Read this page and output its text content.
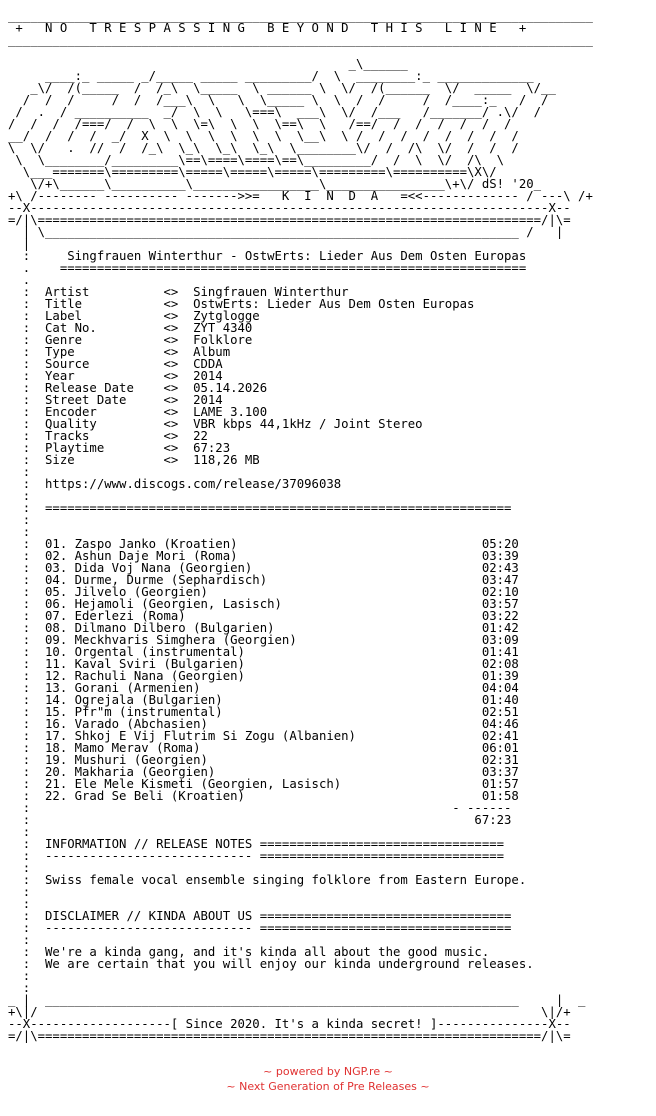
_______________________________________________________________________________
+   N O   T R E S P A S S I N G   B E Y O N D   T H I S   L I N E   +
_______________________________________________________________________________

_\______
____:_ _____ _/_____ _____ _________/  \  ________:_ _____________
_\/  /(_____  /  /_\  \_____  \ ______ \  \/  /(______  \/  _____  \/__
/  /  /     /  /  /___\  \   \  \_____ \  \  /  /     /  /____:_   /  /
/  .  / __________  _/  \  \   \===\  ___\  \/  /___   /_______/ .\/  /
/  /  /  /===/  /  \  \  \=\  \  \  \==\  \   /==/  /  /  /  /  /  /
__/  /  /  /  _/  X  \  \  \  \  \  \  \__\  \ /  /  /  /  /  /  /  /
\  \/   .  //  /  /_\  \_\  \_\  \_\  \________\/  /  /\  \/  /  /  /
\  \________/_________\==\====\====\==\_________/  /  \  \/  /\  \
\___=======\=========\=====\=====\=====\=========\==========\X\/
\/+\______\__________\_________________\________________\+\/ dS! '20_
+\ /-------- ---------- ------->>=   K  I  N  D  A   =<<------------- / ---\ /+
--X----------------------------------------------------------------------X--
=/|\====================================================================/|\=
| \________________________________________________________________ /   |
|
:     Singfrauen Winterthur - OstwErts: Lieder Aus Dem Osten Europas
.    ===============================================================
.
:  Artist          <>  Singfrauen Winterthur
:  Title           <>  OstwErts: Lieder Aus Dem Osten Europas
:  Label           <>  Zytglogge
:  Cat No.         <>  ZYT 4340
:  Genre           <>  Folklore
:  Type            <>  Album
:  Source          <>  CDDA
:  Year            <>  2014
:  Release Date    <>  05.14.2026
:  Street Date     <>  2014
:  Encoder         <>  LAME 3.100
:  Quality         <>  VBR kbps 44,1kHz / Joint Stereo
:  Tracks          <>  22
:  Playtime        <>  67:23
:  Size            <>  118,26 MB
:
:  https://www.discogs.com/release/37096038
:
:  ===============================================================
:
:
:  01. Zaspo Janko (Kroatien)                                 05:20
:  02. Ashun Daje Mori (Roma)                                 03:39
:  03. Dida Voj Nana (Georgien)                               02:43
:  04. Durme, Durme (Sephardisch)                             03:47
:  05. Jilvelo (Georgien)                                     02:10
:  06. Hejamoli (Georgien, Lasisch)                           03:57
:  07. Ederlezi (Roma)                                        03:22
:  08. Dilmano Dilbero (Bulgarien)                            01:42
:  09. Meckhvaris Simghera (Georgien)                         03:09
:  10. Orgental (instrumental)                                01:41
:  11. Kaval Sviri (Bulgarien)                                02:08
:  12. Rachuli Nana (Georgien)                                01:39
:  13. Gorani (Armenien)                                      04:04
:  14. Ogrejala (Bulgarien)                                   01:40
:  15. Pfr"m (instrumental)                                   02:51
:  16. Varado (Abchasien)                                     04:46
:  17. Shkoj E Vij Flutrim Si Zogu (Albanien)                 02:41
:  18. Mamo Merav (Roma)                                      06:01
:  19. Mushuri (Georgien)                                     02:31
:  20. Makharia (Georgien)                                    03:37
:  21. Ele Mele Kismeti (Georgien, Lasisch)                   01:57
:  22. Grad Se Beli (Kroatien)                                01:58
:                                                         - ------
:                                                            67:23
:
:  INFORMATION // RELEASE NOTES =================================
:  ---------------------------- =================================
:
:  Swiss female vocal ensemble singing folklore from Eastern Europe.
:
:
:  DISCLAIMER // KINDA ABOUT US ==================================
:  ---------------------------- ==================================
:
:  We're a kinda gang, and it's kinda all about the good music.
:  We are certain that you will enjoy our kinda underground releases.
:
:
_ |  ________________________________________________________________     |  _
+\|/                                                                    \|/+
--X-------------------[ Since 2020. It's a kinda secret! ]---------------X--
=/|\====================================================================/|\=
~ powered by NGP.re ~
~ Next Generation of Pre Releases ~
